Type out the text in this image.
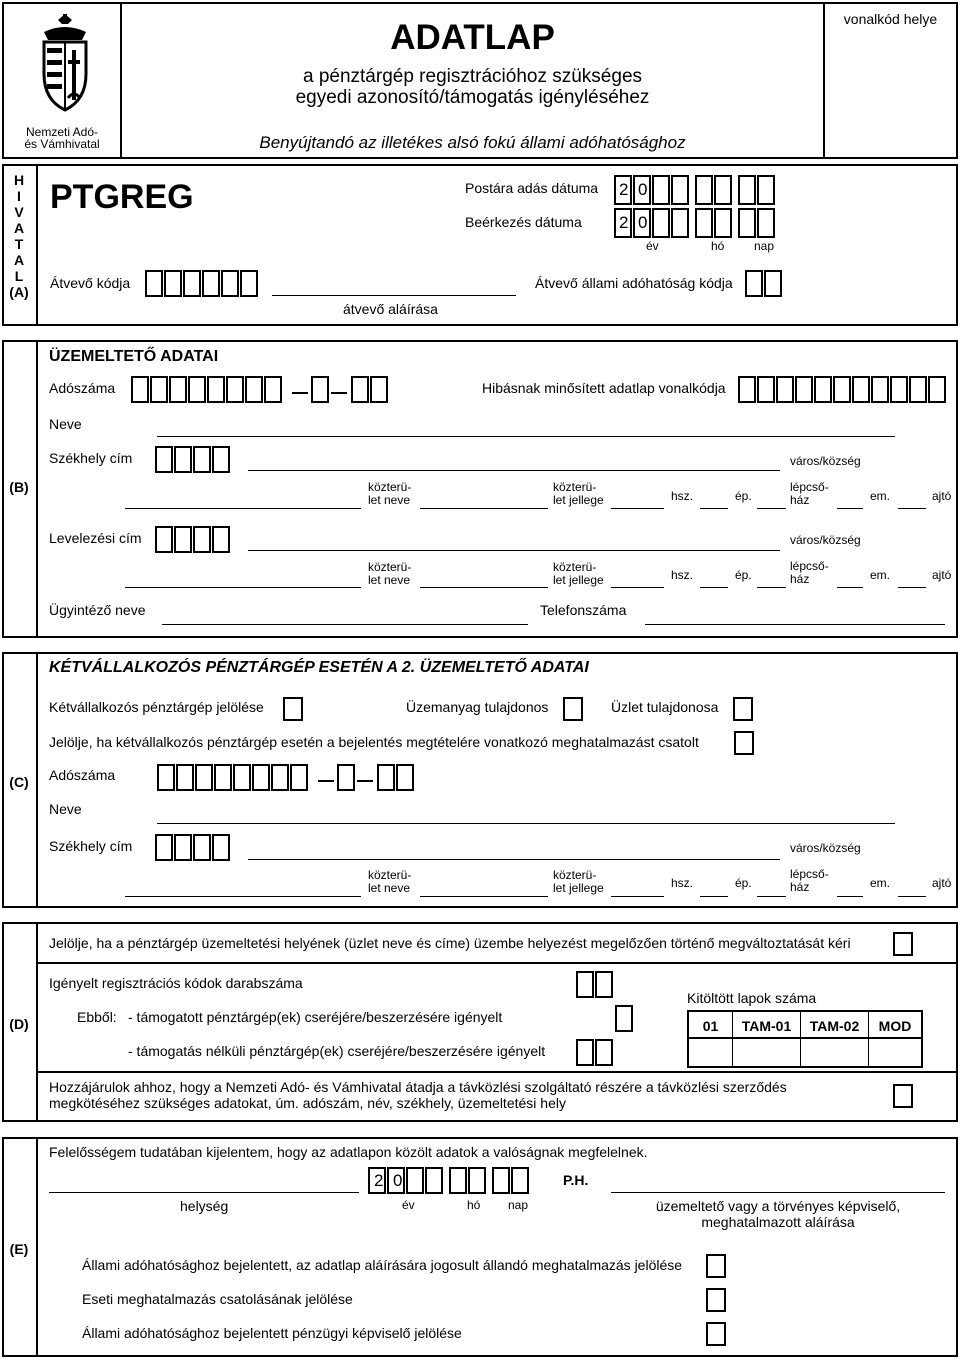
Nemzeti Adó-
és Vámhivatal
ADATLAP
a pénztárgép regisztrációhoz szükséges
egyedi azonosító/támogatás igényléséhez
Benyújtandó az illetékes alsó fokú állami adóhatósághoz
vonalkód helye
H
I
V
A
T
A
L
(A)
PTGREG	Postára adás dátuma
Beérkezés dátuma
2 0
2 0
év	hó nap
Átvevő kódja
átvevő aláírása
Átvevő állami adóhatóság kódja
(B)
ÜZEMELTETŐ ADATAI
Adószáma	Hibásnak minősített adatlap vonalkódja
Neve
Székhely cím	város/község
közterü-
let neve
közterü-
let jellege	hsz.	ép.
lépcső-
ház	em.	ajtó
Levelezési cím	város/község
közterü-
let neve
közterü-
let jellege	hsz.	ép.
lépcső-
ház	em.	ajtó
Ügyintéző neve	Telefonszáma
(C)
KÉTVÁLLALKOZÓS PÉNZTÁRGÉP ESETÉN A 2. ÜZEMELTETŐ ADATAI
Kétvállalkozós pénztárgép jelölése	Üzemanyag tulajdonos	Üzlet tulajdonosa
Jelölje, ha kétvállalkozós pénztárgép esetén a bejelentés megtételére vonatkozó meghatalmazást csatolt
Adószáma
Neve
Székhely cím	város/község
közterü-
let neve
közterü-
let jellege	hsz.	ép.
lépcső-
ház	em.	ajtó
(D)
Jelölje, ha a pénztárgép üzemeltetési helyének (üzlet neve és címe) üzembe helyezést megelőzően történő megváltoztatását kéri
Igényelt regisztrációs kódok darabszáma
Ebből: - támogatott pénztárgép(ek) cseréjére/beszerzésére igényelt
- támogatás nélküli pénztárgép(ek) cseréjére/beszerzésére igényelt
Kitöltött lapok száma
01	TAM-01	TAM-02	MOD
Hozzájárulok ahhoz, hogy a Nemzeti Adó- és Vámhivatal átadja a távközlési szolgáltató részére a távközlési szerződés
megkötéséhez szükséges adatokat, úm. adószám, név, székhely, üzemeltetési hely
(E)
Felelősségem tudatában kijelentem, hogy az adatlapon közölt adatok a valóságnak megfelelnek.
helység
2 0
év	hó nap
P.H.
üzemeltető vagy a törvényes képviselő,
meghatalmazott aláírása
Állami adóhatósághoz bejelentett, az adatlap aláírására jogosult állandó meghatalmazás jelölése
Eseti meghatalmazás csatolásának jelölése
Állami adóhatósághoz bejelentett pénzügyi képviselő jelölése
